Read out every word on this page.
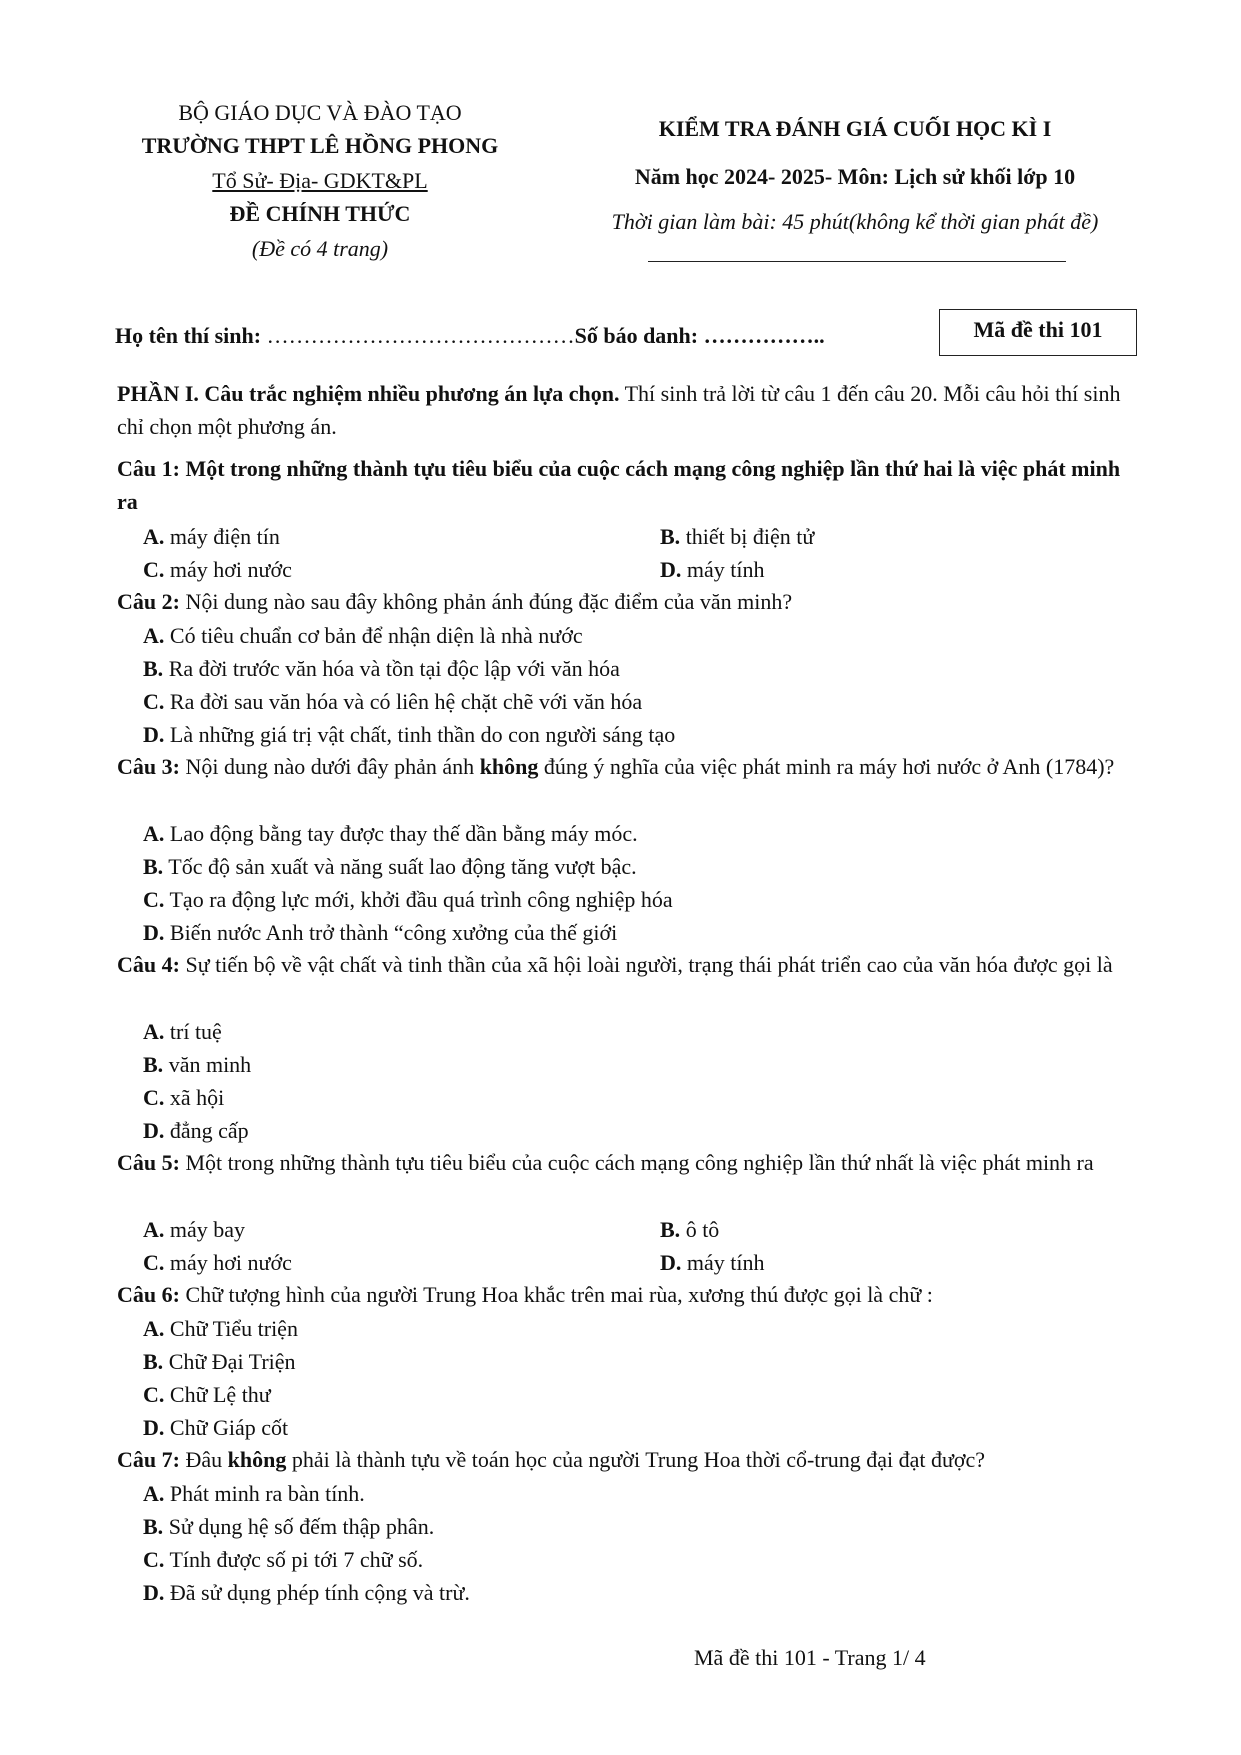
BỘ GIÁO DỤC VÀ ĐÀO TẠO
TRƯỜNG THPT LÊ HỒNG PHONG
Tổ Sử- Địa- GDKT&PL
ĐỀ CHÍNH THỨC
(Đề có 4 trang)
KIỂM TRA ĐÁNH GIÁ CUỐI HỌC KÌ I
Năm học 2024- 2025- Môn: Lịch sử khối lớp 10
Thời gian làm bài: 45 phút(không kể thời gian phát đề)
Họ tên thí sinh: ……………………………………Số báo danh: ……………..	Mã đề thi 101
PHẦN I. Câu trắc nghiệm nhiều phương án lựa chọn. Thí sinh trả lời từ câu 1 đến câu 20. Mỗi câu hỏi thí sinh chỉ chọn một phương án.
Câu 1: Một trong những thành tựu tiêu biểu của cuộc cách mạng công nghiệp lần thứ hai là việc phát minh ra
A. máy điện tín	B. thiết bị điện tử
C. máy hơi nước	D. máy tính
Câu 2: Nội dung nào sau đây không phản ánh đúng đặc điểm của văn minh?
A. Có tiêu chuẩn cơ bản để nhận diện là nhà nước
B. Ra đời trước văn hóa và tồn tại độc lập với văn hóa
C. Ra đời sau văn hóa và có liên hệ chặt chẽ với văn hóa
D. Là những giá trị vật chất, tinh thần do con người sáng tạo
Câu 3: Nội dung nào dưới đây phản ánh không đúng ý nghĩa của việc phát minh ra máy hơi nước ở Anh (1784)?
A. Lao động bằng tay được thay thế dần bằng máy móc.
B. Tốc độ sản xuất và năng suất lao động tăng vượt bậc.
C. Tạo ra động lực mới, khởi đầu quá trình công nghiệp hóa
D. Biến nước Anh trở thành “công xưởng của thế giới
Câu 4: Sự tiến bộ về vật chất và tinh thần của xã hội loài người, trạng thái phát triển cao của văn hóa được gọi là
A. trí tuệ
B. văn minh
C. xã hội
D. đẳng cấp
Câu 5: Một trong những thành tựu tiêu biểu của cuộc cách mạng công nghiệp lần thứ nhất là việc phát minh ra
A. máy bay	B. ô tô
C. máy hơi nước	D. máy tính
Câu 6: Chữ tượng hình của người Trung Hoa khắc trên mai rùa, xương thú được gọi là chữ :
A. Chữ Tiểu triện
B. Chữ Đại Triện
C. Chữ Lệ thư
D. Chữ Giáp cốt
Câu 7: Đâu không phải là thành tựu về toán học của người Trung Hoa thời cổ-trung đại đạt được?
A. Phát minh ra bàn tính.
B. Sử dụng hệ số đếm thập phân.
C. Tính được số pi tới 7 chữ số.
D. Đã sử dụng phép tính cộng và trừ.
Mã đề thi 101 - Trang 1/ 4
